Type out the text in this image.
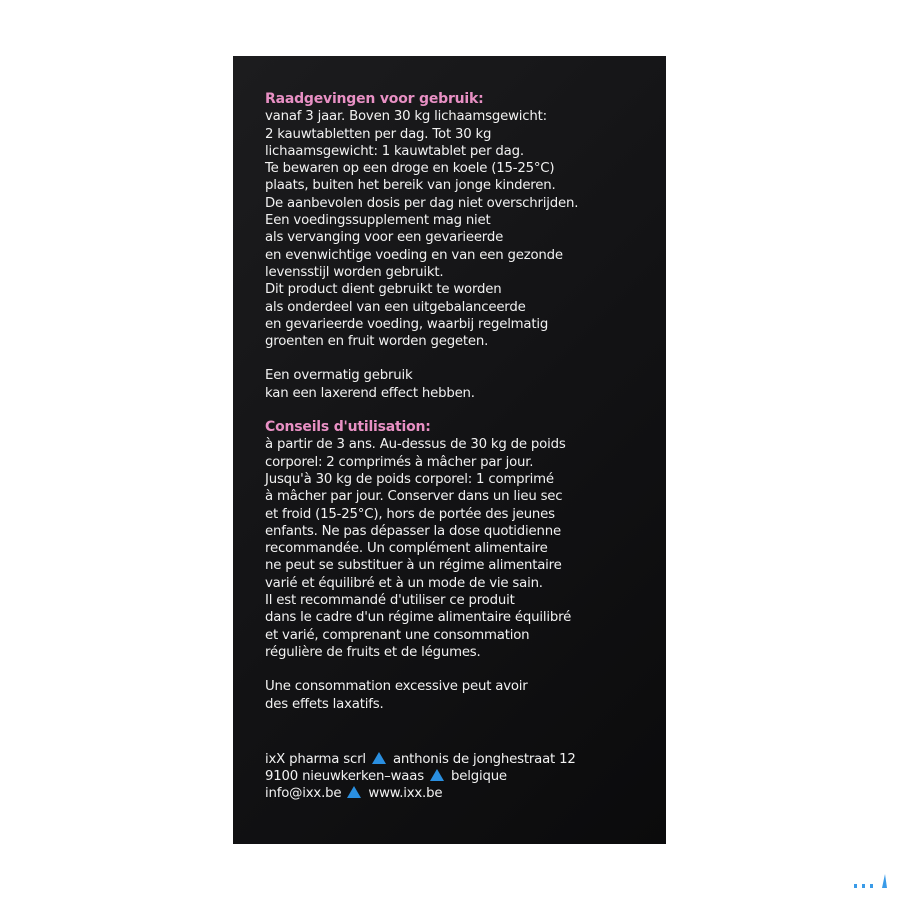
Raadgevingen voor gebruik:
vanaf 3 jaar. Boven 30 kg lichaamsgewicht:
2 kauwtabletten per dag. Tot 30 kg
lichaamsgewicht: 1 kauwtablet per dag.
Te bewaren op een droge en koele (15-25°C)
plaats, buiten het bereik van jonge kinderen.
De aanbevolen dosis per dag niet overschrijden.
Een voedingssupplement mag niet
als vervanging voor een gevarieerde
en evenwichtige voeding en van een gezonde
levensstijl worden gebruikt.
Dit product dient gebruikt te worden
als onderdeel van een uitgebalanceerde
en gevarieerde voeding, waarbij regelmatig
groenten en fruit worden gegeten.
Een overmatig gebruik
kan een laxerend effect hebben.
Conseils d'utilisation:
à partir de 3 ans. Au-dessus de 30 kg de poids
corporel: 2 comprimés à mâcher par jour.
Jusqu'à 30 kg de poids corporel: 1 comprimé
à mâcher par jour. Conserver dans un lieu sec
et froid (15-25°C), hors de portée des jeunes
enfants. Ne pas dépasser la dose quotidienne
recommandée. Un complément alimentaire
ne peut se substituer à un régime alimentaire
varié et équilibré et à un mode de vie sain.
Il est recommandé d'utiliser ce produit
dans le cadre d'un régime alimentaire équilibré
et varié, comprenant une consommation
régulière de fruits et de légumes.
Une consommation excessive peut avoir
des effets laxatifs.
ixX pharma scrl anthonis de jonghestraat 12
9100 nieuwkerken–waas belgique
info@ixx.be www.ixx.be
